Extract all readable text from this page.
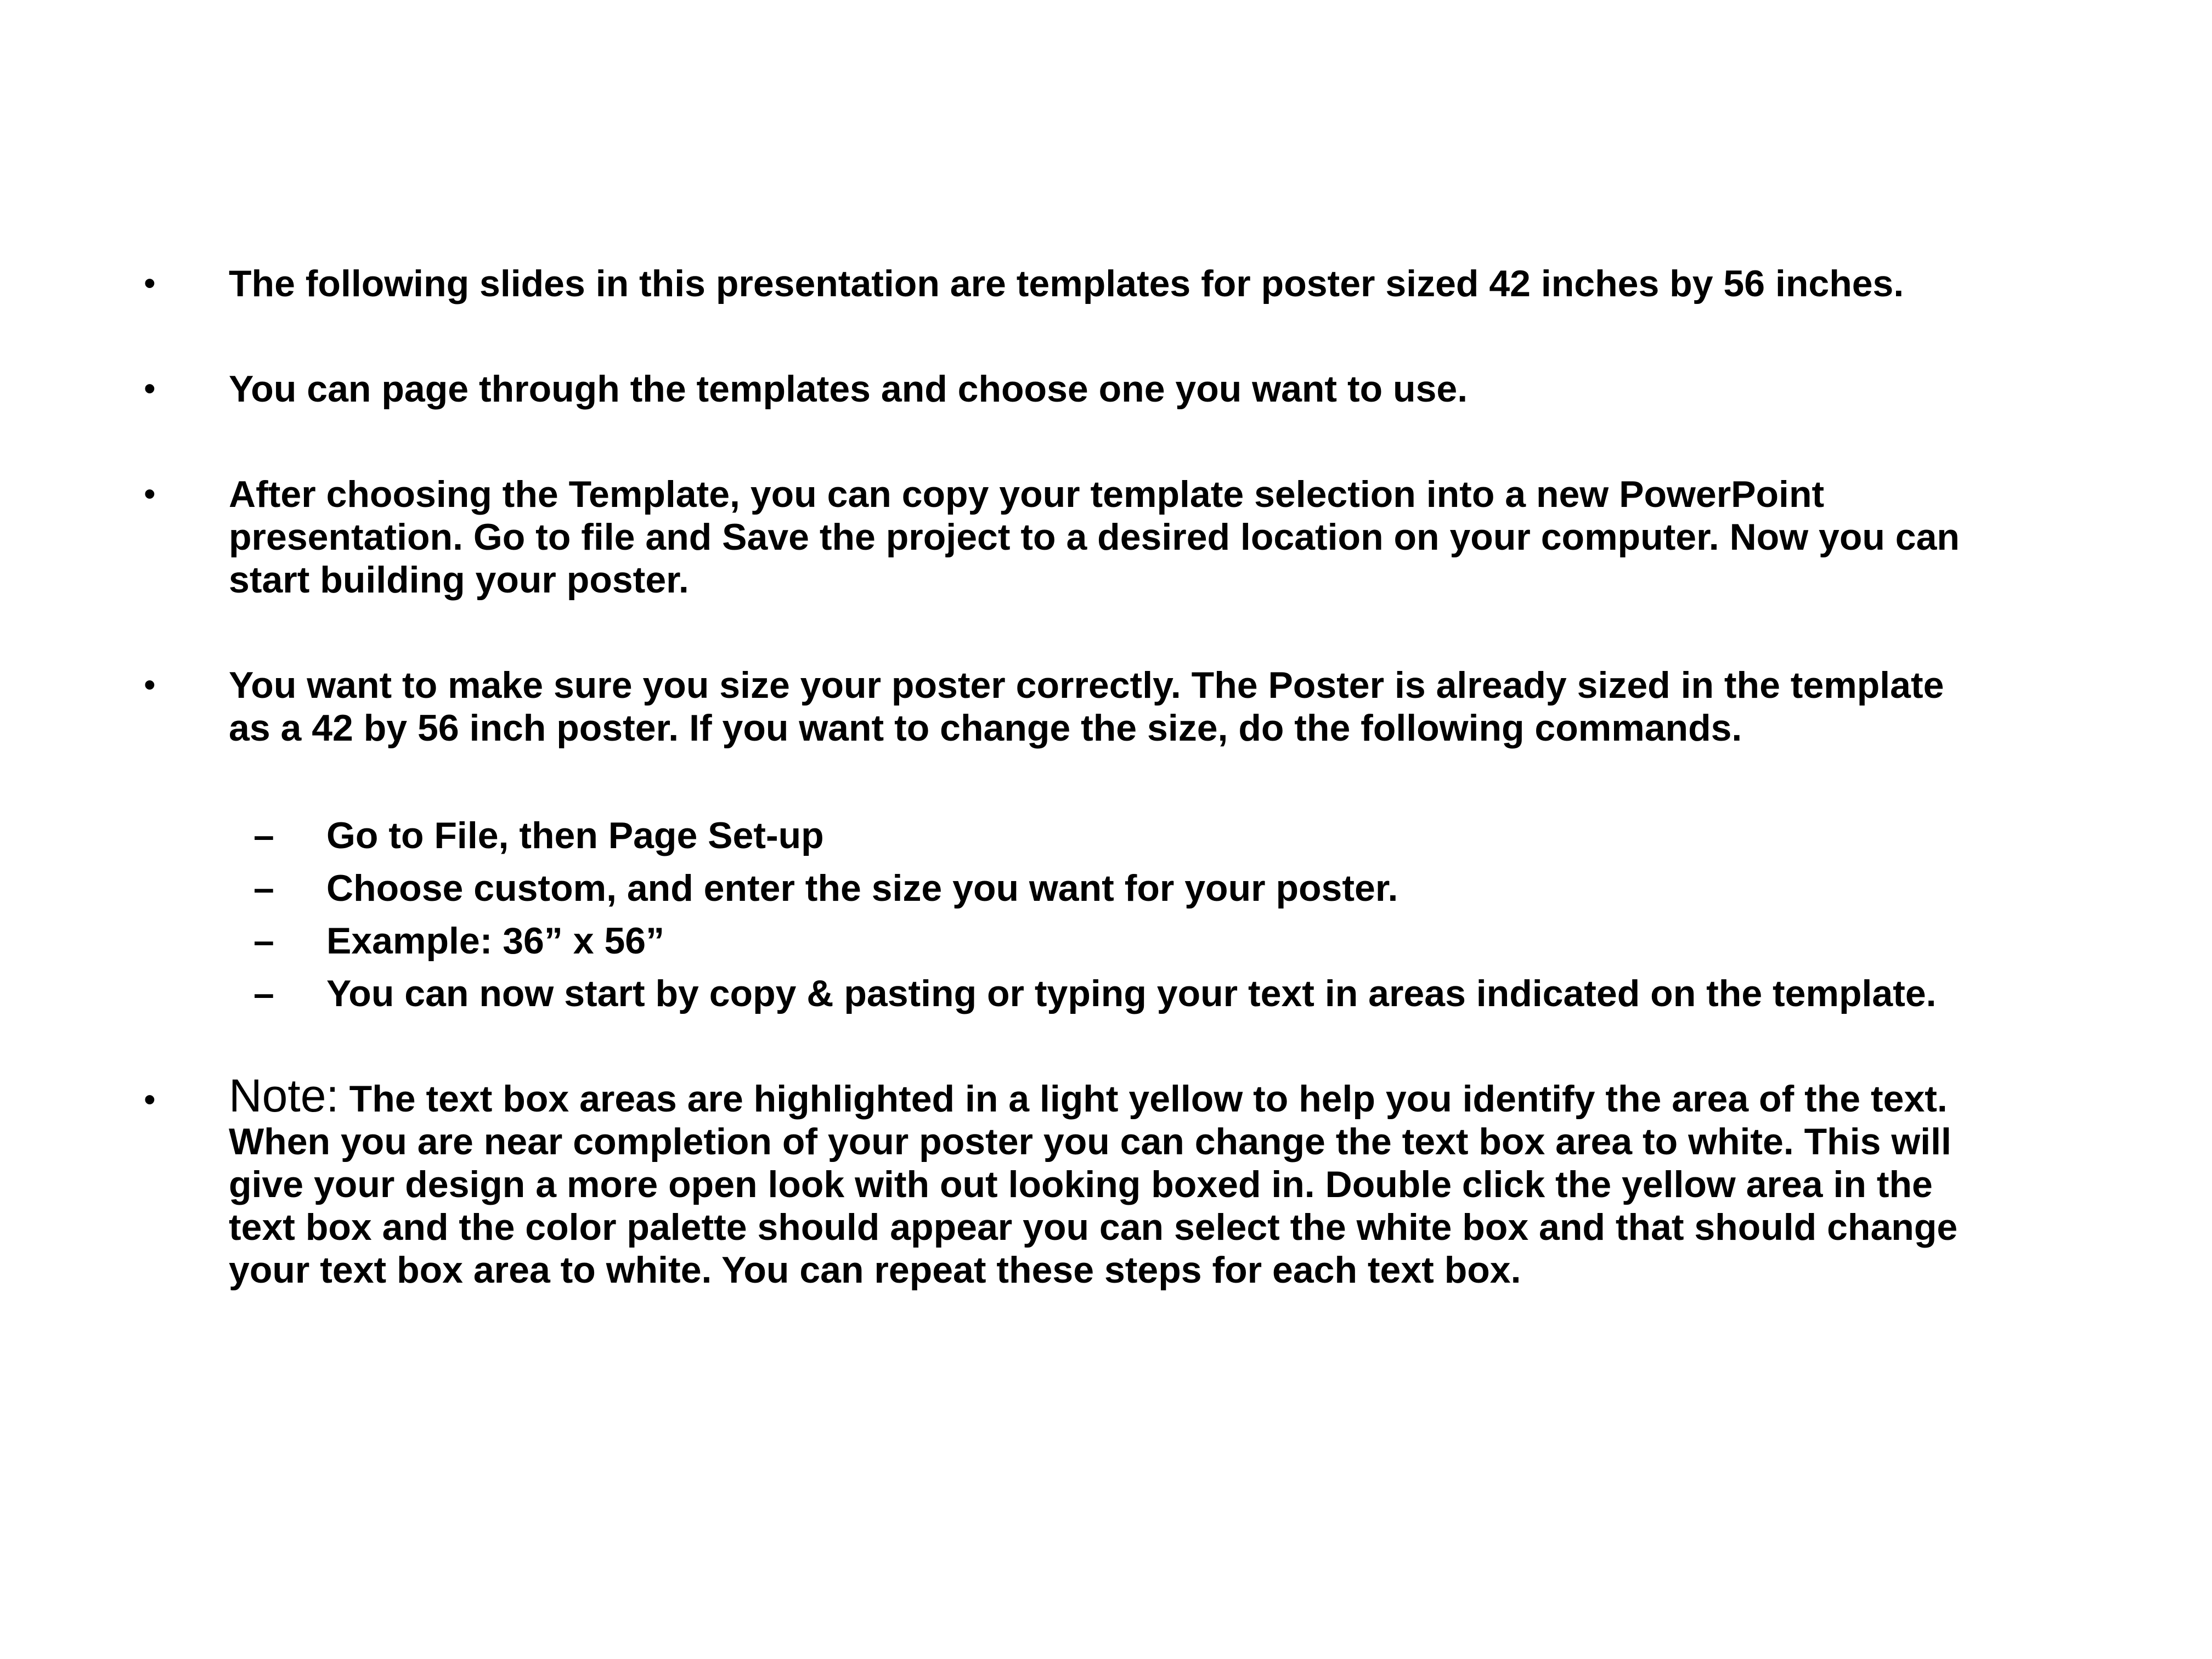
• The following slides in this presentation are templates for poster sized 42 inches by 56 inches.
• You can page through the templates and choose one you want to use.
• After choosing the Template, you can copy your template selection into a new PowerPoint
presentation. Go to file and Save the project to a desired location on your computer. Now you can
start building your poster.
• You want to make sure you size your poster correctly. The Poster is already sized in the template
as a 42 by 56 inch poster. If you want to change the size, do the following commands.
– Go to File, then Page Set-up
– Choose custom, and enter the size you want for your poster.
– Example: 36” x 56”
– You can now start by copy & pasting or typing your text in areas indicated on the template.
• Note: The text box areas are highlighted in a light yellow to help you identify the area of the text.
When you are near completion of your poster you can change the text box area to white. This will
give your design a more open look with out looking boxed in. Double click the yellow area in the
text box and the color palette should appear you can select the white box and that should change
your text box area to white. You can repeat these steps for each text box.
